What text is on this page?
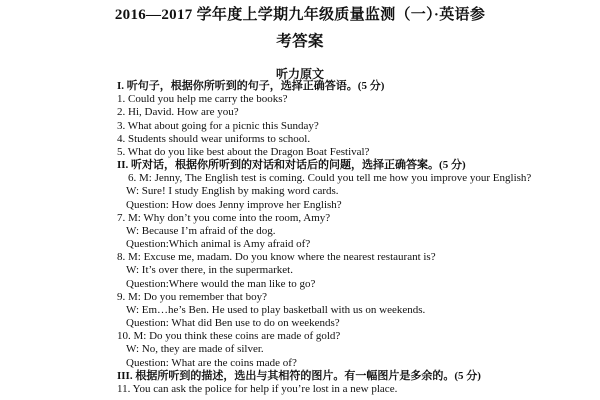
2016—2017 学年度上学期九年级质量监测（一）·英语参
考答案
听力原文
I. 听句子，根据你所听到的句子，选择正确答语。(5 分)
1. Could you help me carry the books?
2. Hi, David. How are you?
3. What about going for a picnic this Sunday?
4. Students should wear uniforms to school.
5. What do you like best about the Dragon Boat Festival?
II. 听对话，根据你所听到的对话和对话后的问题，选择正确答案。(5 分)
6. M: Jenny, The English test is coming. Could you tell me how you improve your English?
W: Sure! I study English by making word cards.
Question: How does Jenny improve her English?
7. M: Why don’t you come into the room, Amy?
W: Because I’m afraid of the dog.
Question:Which animal is Amy afraid of?
8. M: Excuse me, madam. Do you know where the nearest restaurant is?
W: It’s over there, in the supermarket.
Question:Where would the man like to go?
9. M: Do you remember that boy?
W: Em…he’s Ben. He used to play basketball with us on weekends.
Question: What did Ben use to do on weekends?
10. M: Do you think these coins are made of gold?
W: No, they are made of silver.
Question: What are the coins made of?
III. 根据所听到的描述，选出与其相符的图片。有一幅图片是多余的。(5 分)
11. You can ask the police for help if you’re lost in a new place.
